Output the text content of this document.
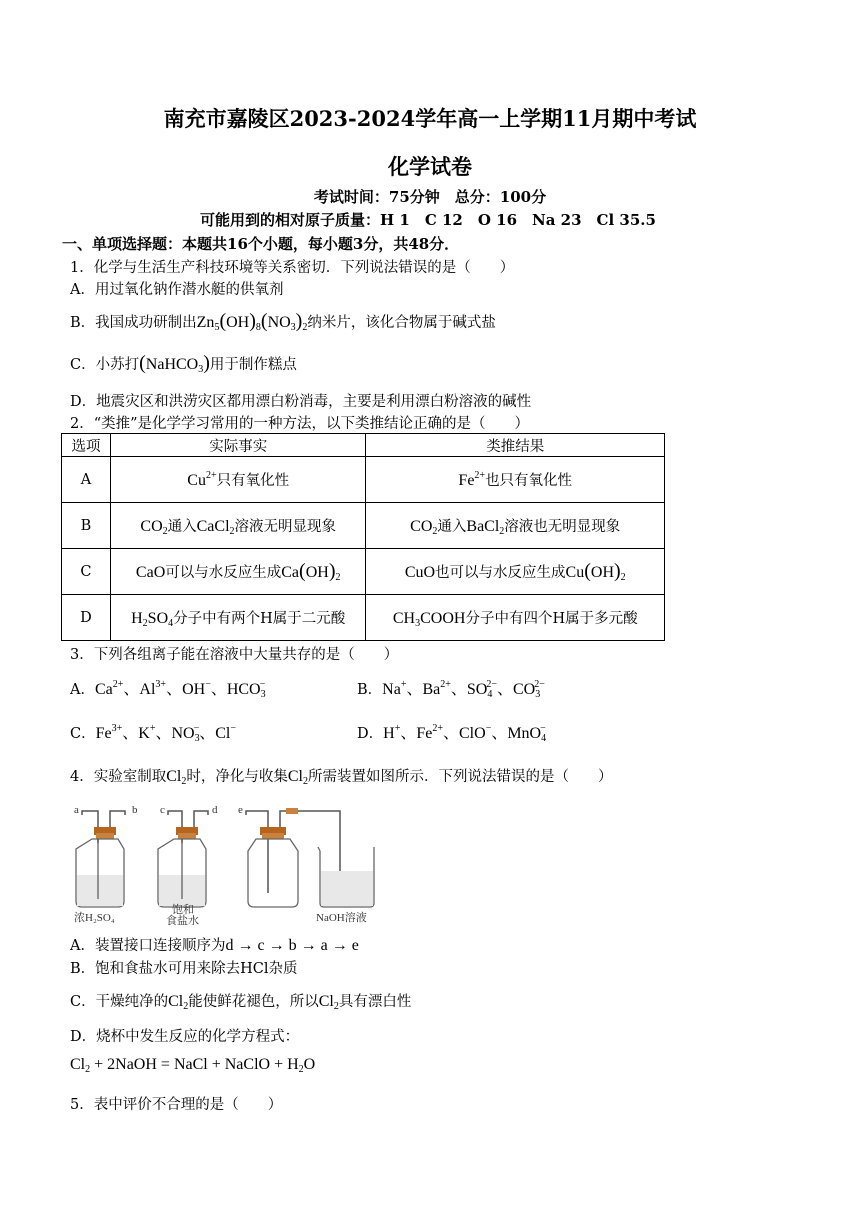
南充市嘉陵区2023-2024学年高一上学期11月期中考试
化学试卷
考试时间：75分钟　总分：100分
可能用到的相对原子质量：H 1　C 12　O 16　Na 23　Cl 35.5
一、单项选择题：本题共16个小题，每小题3分，共48分．
1．化学与生活生产科技环境等关系密切．下列说法错误的是（　　）
A．用过氧化钠作潜水艇的供氧剂
B．我国成功研制出$Zn_5(OH)_8(NO_3)_2$纳米片，该化合物属于碱式盐
C．小苏打(NaHCO$_3$)用于制作糕点
D．地震灾区和洪涝灾区都用漂白粉消毒，主要是利用漂白粉溶液的碱性
2．“类推”是化学学习常用的一种方法，以下类推结论正确的是（　　）
选项	实际事实	类推结果
A	$Cu^{2+}$只有氧化性	$Fe^{2+}$也只有氧化性
B	$CO_2$通入CaCl$_2$溶液无明显现象	$CO_2$通入BaCl$_2$溶液也无明显现象
C	CaO可以与水反应生成$Ca(OH)_2$	CuO也可以与水反应生成$Cu(OH)_2$
D	$H_2SO_4$分子中有两个H属于二元酸	$CH_3COOH$分子中有四个H属于多元酸
3．下列各组离子能在溶液中大量共存的是（　　）
A．$Ca^{2+}$、$Al^{3+}$、OH−、$HCO_3^-$	B．Na+、$Ba^{2+}$、$SO_4^{2-}$、$CO_3^{2-}$
C．$Fe^{3+}$、K+、$NO_3^-$、Cl−	D．H+、$Fe^{2+}$、ClO−、MnO$_4$−
4．实验室制取$Cl_2$时，净化与收集$Cl_2$所需装置如图所示．下列说法错误的是（　　）
a	b
浓H₂SO₄
c	d
饱和
食盐水
e
NaOH溶液
A．装置接口连接顺序为d → c → b → a → e
B．饱和食盐水可用来除去HCl杂质
C．干燥纯净的$Cl_2$能使鲜花褪色，所以$Cl_2$具有漂白性
D．烧杯中发生反应的化学方程式：
$Cl_2$ + 2NaOH = NaCl + NaClO + $H_2O$
5．表中评价不合理的是（　　）
